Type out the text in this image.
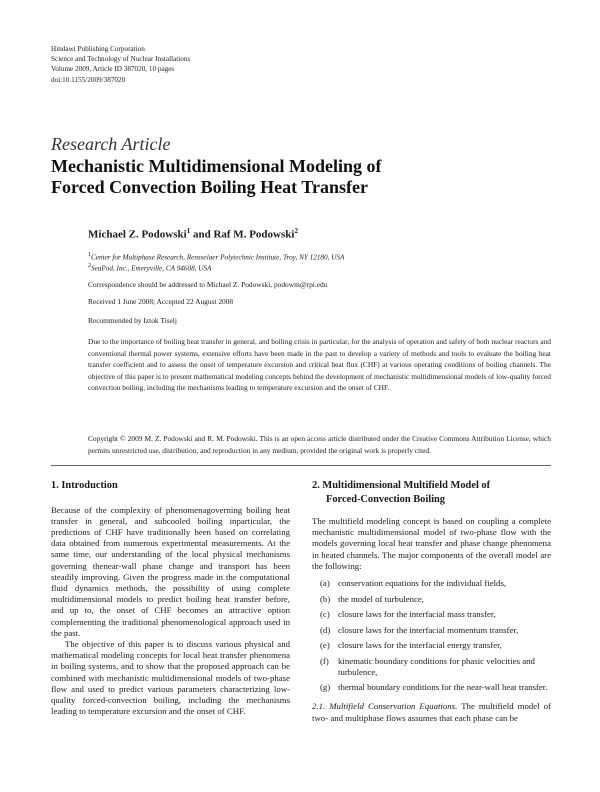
Hindawi Publishing Corporation
Science and Technology of Nuclear Installations
Volume 2009, Article ID 387020, 10 pages
doi:10.1155/2009/387020
Research Article
Mechanistic Multidimensional Modeling of
Forced Convection Boiling Heat Transfer
Michael Z. Podowski$^1$ and Raf M. Podowski$^2$
$^1$Center for Multiphase Research, Rensselaer Polytechnic Institute, Troy, NY 12180, USA
$^2$SeaPod, Inc., Emeryville, CA 94608, USA
Correspondence should be addressed to Michael Z. Podowski, podowm@rpi.edu
Received 1 June 2008; Accepted 22 August 2008
Recommended by Iztok Tiselj
Due to the importance of boiling heat transfer in general, and boiling crisis in particular, for the analysis of operation and safety of both nuclear reactors and conventional thermal power systems, extensive efforts have been made in the past to develop a variety of methods and tools to evaluate the boiling heat transfer coefficient and to assess the onset of temperature excursion and critical heat flux (CHF) at various operating conditions of boiling channels. The objective of this paper is to present mathematical modeling concepts behind the development of mechanistic multidimensional models of low-quality forced convection boiling, including the mechanisms leading to temperature excursion and the onset of CHF.
Copyright © 2009 M. Z. Podowski and R. M. Podowski. This is an open access article distributed under the Creative Commons Attribution License, which permits unrestricted use, distribution, and reproduction in any medium, provided the original work is properly cited.
1. Introduction

Because of the complexity of phenomenagoverning boiling heat transfer in general, and subcooled boiling inparticular, the predictions of CHF have traditionally been based on correlating data obtained from numerous experimental measurements. At the same time, our understanding of the local physical mechanisms governing thenear-wall phase change and transport has been steadily improving. Given the progress made in the computational fluid dynamics methods, the possibility of using complete multidimensional models to predict boiling heat transfer before, and up to, the onset of CHF becomes an attractive option complementing the traditional phenomenological approach used in the past.

The objective of this paper is to discuss various physical and mathematical modeling concepts for local heat transfer phenomena in boiling systems, and to show that the proposed approach can be combined with mechanistic multidimensional models of two-phase flow and used to predict various parameters characterizing low-quality forced-convection boiling, including the mechanisms leading to temperature excursion and the onset of CHF.

2. Multidimensional Multifield Model of
Forced-Convection Boiling

The multifield modeling concept is based on coupling a complete mechanistic multidimensional model of two-phase flow with the models governing local heat transfer and phase change phenomena in heated channels. The major components of the overall model are the following:

(a) conservation equations for the individual fields,
(b) the model of turbulence,
(c) closure laws for the interfacial mass transfer,
(d) closure laws for the interfacial momentum transfer,
(e) closure laws for the interfacial energy transfer,
(f) kinematic boundary conditions for phasic velocities and turbulence,
(g) thermal boundary conditions for the near-wall heat transfer.

2.1. Multifield Conservation Equations. The multifield model of two- and multiphase flows assumes that each phase can be
